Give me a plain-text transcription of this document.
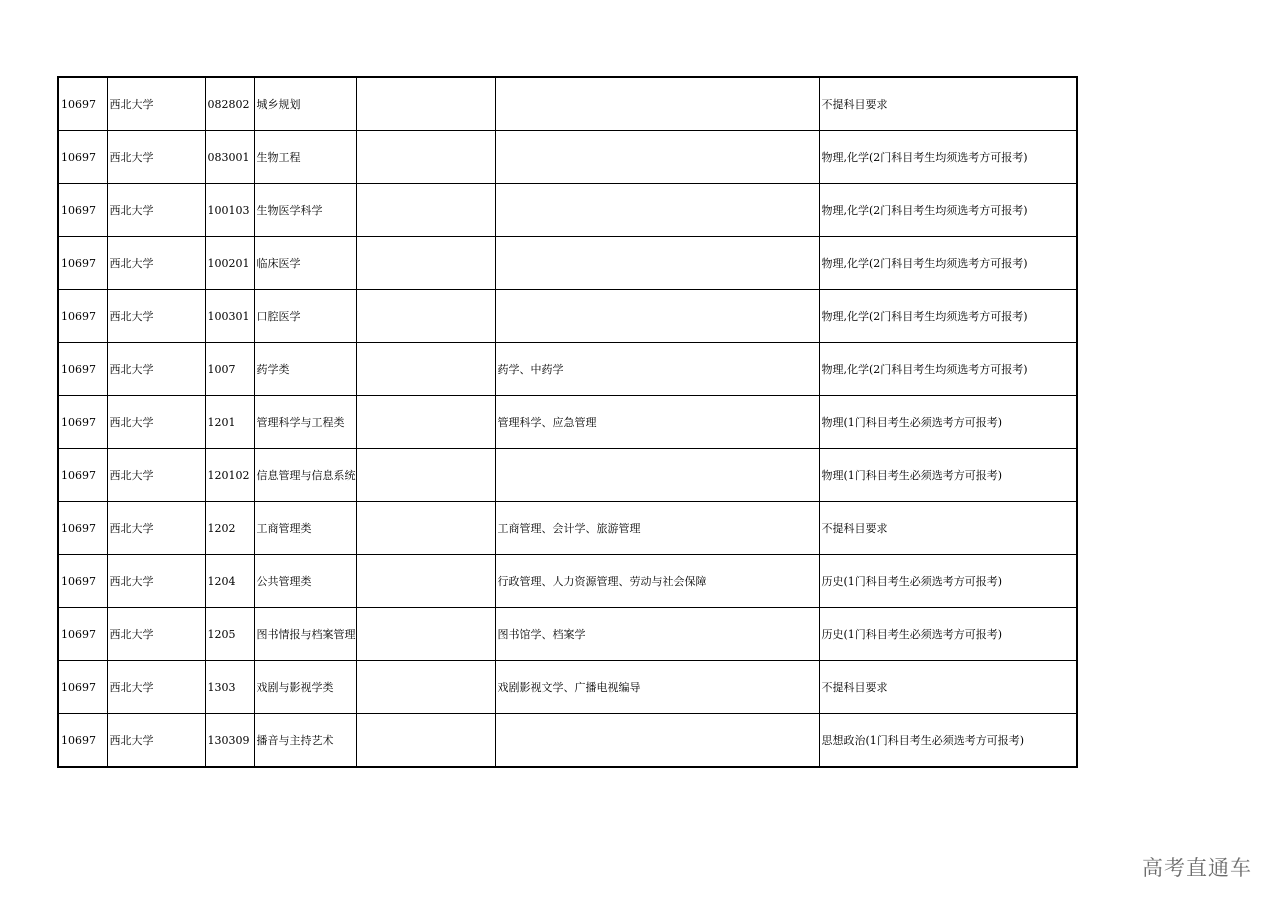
10697	西北大学	082802	城乡规划			不提科目要求
10697	西北大学	083001	生物工程			物理,化学(2门科目考生均须选考方可报考)
10697	西北大学	100103	生物医学科学			物理,化学(2门科目考生均须选考方可报考)
10697	西北大学	100201	临床医学			物理,化学(2门科目考生均须选考方可报考)
10697	西北大学	100301	口腔医学			物理,化学(2门科目考生均须选考方可报考)
10697	西北大学	1007	药学类		药学、中药学	物理,化学(2门科目考生均须选考方可报考)
10697	西北大学	1201	管理科学与工程类		管理科学、应急管理	物理(1门科目考生必须选考方可报考)
10697	西北大学	120102	信息管理与信息系统			物理(1门科目考生必须选考方可报考)
10697	西北大学	1202	工商管理类		工商管理、会计学、旅游管理	不提科目要求
10697	西北大学	1204	公共管理类		行政管理、人力资源管理、劳动与社会保障	历史(1门科目考生必须选考方可报考)
10697	西北大学	1205	图书情报与档案管理		图书馆学、档案学	历史(1门科目考生必须选考方可报考)
10697	西北大学	1303	戏剧与影视学类		戏剧影视文学、广播电视编导	不提科目要求
10697	西北大学	130309	播音与主持艺术			思想政治(1门科目考生必须选考方可报考)
高考直通车
